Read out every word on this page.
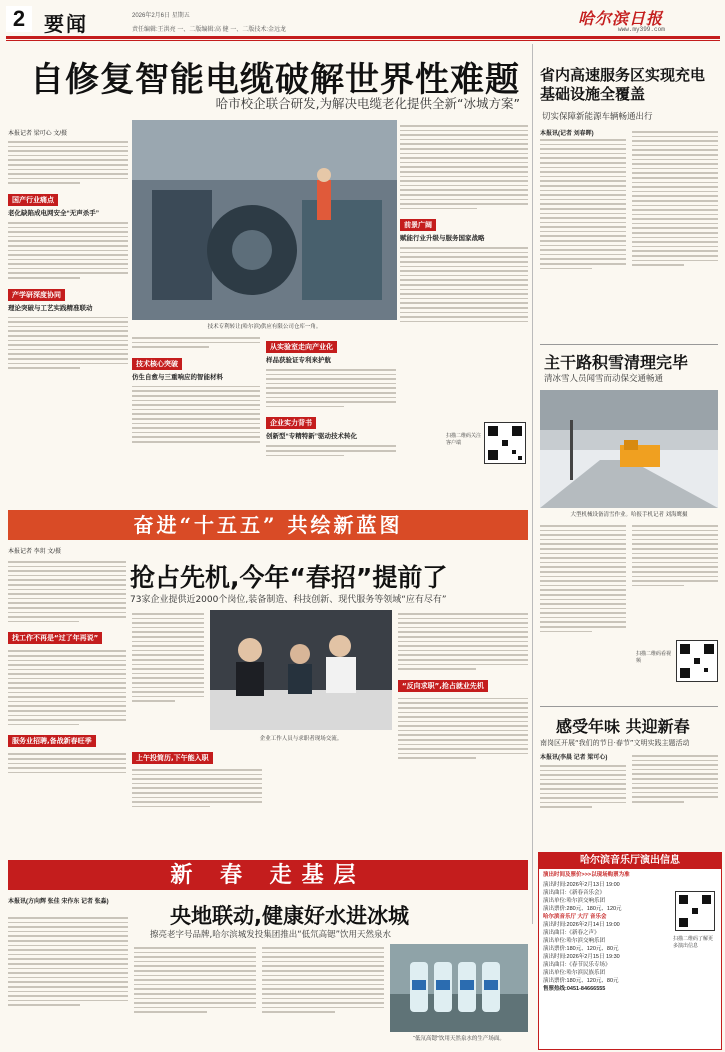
2 要闻	2026年2月6日 星期五
责任编辑:王洪亮 一、二版编辑:高 健 一、二版技术:金远龙
哈尔滨日报
www.my399.com
自修复智能电缆破解世界性难题
哈市校企联合研发,为解决电缆老化提供全新“冰城方案”
本报记者 梁可心 文/摄
国产行业痛点
老化缺陷成电网安全“无声杀手”
产学研深度协同
理论突破与工艺实践精准联动
技术专利转让(哈尔滨)供应有限公司仓库一角。
技术核心突破
仿生自愈与三重响应的智能材料
从实验室走向产业化
样品获验证专利来护航
企业实力背书
创新型“专精特新”驱动技术转化
前景广阔
赋能行业升级与服务国家战略
扫描二维码关注客户端
省内高速服务区实现充电基础设施全覆盖
切实保障新能源车辆畅通出行
本报讯(记者 刘春晖)
主干路积雪清理完毕
清冰雪人员闻雪而动保交通畅通
大型机械设备清雪作业。哈报手机记者 刘海鹰摄
扫描二维码看视频
奋进“十五五” 共绘新蓝图
本报记者 李玥 文/摄
抢占先机,今年“春招”提前了
73家企业提供近2000个岗位,装备制造、科技创新、现代服务等领域“应有尽有”
找工作不再是“过了年再说”
服务业招聘,备战新春旺季	企业工作人员与求职者现场交流。
上午投简历,下午能入职
“反向求职”,抢占就业先机
感受年味 共迎新春
南岗区开展“我们的节日·春节”文明实践主题活动
本报讯(李晨 记者 梁可心)
新 春 走基层
本报讯(方向辉 张佳 宋作东 记者 张淼)
央地联动,健康好水进冰城
擦亮老字号品牌,哈尔滨城发投集团推出“低氘高锶”饮用天然泉水
“低氘高锶”饮用天然泉水的生产场面。
哈尔滨音乐厅演出信息
演出时间及票价>>>以现场购票为准
演出时间:2026年2月13日 19:00
演出曲目:《新春音乐会》
演出单位:哈尔滨交响乐团
演出票价:280元、180元、120元
哈尔滨音乐厅 大厅 音乐会
演出时间:2026年2月14日 19:00
演出曲目:《新春之声》
演出单位:哈尔滨交响乐团
演出票价:180元、120元、80元
演出时间:2026年2月15日 19:30
演出曲目:《春节民乐专场》
演出单位:哈尔滨民族乐团
演出票价:180元、120元、80元
售票热线:0451-84666555
扫描二维码了解更多演出信息
